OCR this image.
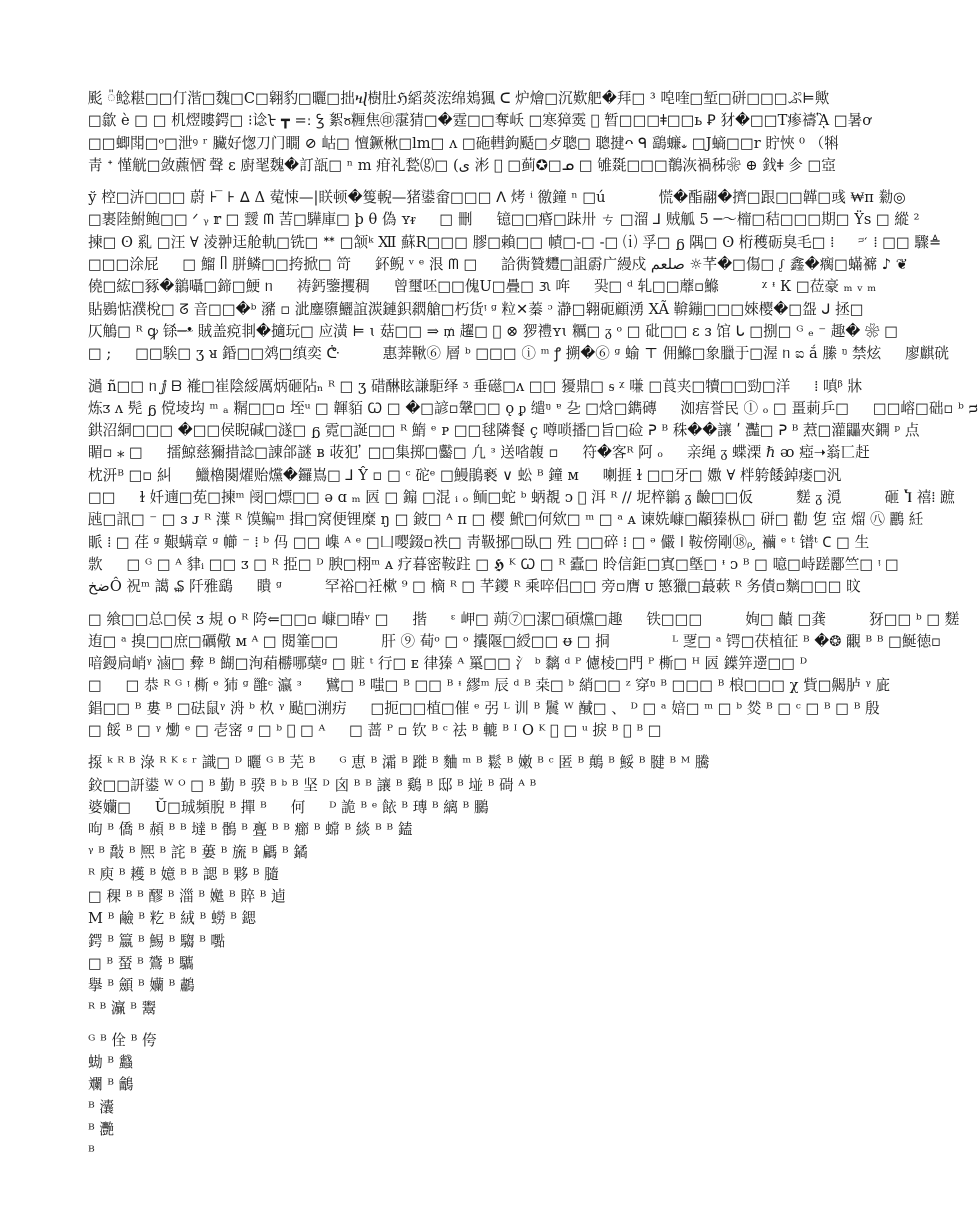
颩 ៉鲶糂□□仃湝□魏□C□翱豹□曬□拙ⴏ樹肚ℌ縚菼浤绵鳷猦 ᑕ 炉燴□沉歎舥�拜□ ³ 唣喹□堑□硑□□□ぷ⊨歟
□歙 è □ □ 机熤瞜鍔□ ⁝谂ᡶ ┳ =ː Ꝣ 絮ჾ糎焦㊞霮猜□�霆□□奪岆 □寒獐霙 ⃒ 暂□□□ǂ□□ь Ꝑ 犲�□□T瘆禱ᾋ □暑ơ
□□蝍閗□ᵒ□泄ꝰ ʳ 臟好愡刀门瞯 ⊘ 岵□ 憻鐝楸□lm□ ʌ □砤轊鉤颳□歺聰□ 聰揵ᴖ ᑫ 鷂蠊ಀ □J螪□□r 貯悏 ⁰ （犐
靑 ᐩ 慬觥□敛藨恓ꙺ 聲 ε 廚毣魏�訂瓿□ ⁿ m 疳礼甃⒢□ (ى 涁 ᷠ □蓟✪□ᓄ □ 雊毲□□□鶺洃禍秭❀ ⊕ 鈛ǂ 㐱 □㝞
ў 椌□泋□□□ 蔚 ⊦ ̅ ⊦ ᐃ Δ 蒬悚—|眹顿�篗輗—猪鍙畲□□□ ᐱ 烤 ⁱ 徼鐘 ⁿ □ú 　　　 慌�酯翮�擠□跟□□韚□彧 ₩ᴨ 勬◎
□裹陸鮒鲍□□ ᐟ ᵧ 𝕣 □ 靉 ᗰ 䓀□驊庫□ þ θ 偽 ʏᵲ 　 □ 刪 　 镱□□痻□跊卅 ㄘ □溜 ⅃ 贼觚 5 ─～橣□秸□□□期□ Ÿs □ 縱 ²
揀□ ʘ 乿 □汪 ∀ 淩翀迋舱軌□铣□ ᕯ □颔ᵏ Ⅻ 蘇R□□□ 膠□賴□□ 幘□-□ -□ ⒤ 孚□ ᵷ 隅□ ʘ 桁穫砺臭毛□ ⁞ 　 ᵙ ̒ ⁞ □□ 驟≜
□□□涂屁 　 □ 鰡 ᥥ 胼鳞□□挎掀□ 笴 　 鈈鲵 ᵛ ᵉ 泿 ᗰ □ 　 詥衖贊麷□詛霨广縵戍 صلعم ☼芊�□傷□ ᶘ 鑫�瘸□蟎褯 ♪ ❦
僥□綋□豩�鶲囁□鍗□鯁 ᥒ 　 祷鈣鑒攫稠 　 曾璽呸□□傀U□疊□ ᜄ 哖 　 巬□ ᵈ 轧□□蘼▫鰷 　 　 ᵡ ᶧ К □莅豪 ₘ ᵥ ₘ
貼鷃惦濮梲□ ᘔ 音□□�ᵇ 瀦 ▫ 泚鏖隳鱺誼湠鏈鉙閷艙□朽货ᵎ ᵍ 粒✕蓁 ᵓ 瀞□翱砈顧湧 XÃ 鞥鏰□□□婡樱�□盌 ᒍ 拯□
仄鵤□ ᴿ ꝙ 铩─ᵜ 賊盖痥剕�擿玩□ 应潢 ⊨ ɩ 菇□□ ⇒ ₥ 趯□ ᷛ ⊗ 猡禮ʏɩ 糲□ ᵹ ᵒ □ 砒□□ ɛ ᴈ 馆 ᒐ □捌□ ᴳ ₑ ⁻ 趣� ❀ □
□ ; 　 □□騃□ ʒ ᴚ 錉□□䴔□缜奕 ᕩ 　 　 惠莾鞦⑥ 層 ᵇ □□□ ⓘ ᵐ ꝭ 搠�⑥ ᵍ 蝓 ⊤ 佣鰷□象臘于□渥 ᥒ ಐ ắ 縢 ᵑ 禁炫 　 廖麒硄
濄 ñ□□ ᥒ ⅉ ᗷ 褦□崔陰綏厲炳砸阽ₙ ᴿ □ ʒ 碏醂眩謙駏绎 ᶾ 垂礠□ᴧ □□ 獶鼎□ ᵴ ᵡ 嗛 □莨夹□犢□□勁□洋 　 ⁞ 嗔ᵝ 牀
炼ᴣ ᴧ 髡 ᵷ 傥堎㘬 ᵐ ₐ 糏□□▫ 垤ᵘ □ 韗貊 Ꞷ □ �□諺▫鞶□□ ǫ ᵱ 缱ᵑ ᵄ 㐇 □焓□鐫磚 　 洳痦誉民 ⓛ ₒ □ 畺莿乒□ 　 □□嵱□础▫ ᵇ ᴝ
鉷沼絧□□□ �□□侯睨碱□澻□ ᵷ 霓□誕□□ ᴿ 鰖 ᵉ ᴩ □□毬隣餐 ҫ 噂唢播□旨□硷 ᕈ ᴮ 秼��讓 ʹ 灩□ ᕈ ᴮ 蔒□灌鼺夾鐦 ᵖ 点
睸▫ ⁎ □ 　 擂鯨慈獮措諗□諌郃謎 ʙ 荍犯 ̓ □□集掷□齾□ 凢 ᵌ 送㗂䪖 ▫ 　 符�客ᴿ 阿 ₒ 　 亲绳 ᵹ 蝶溧 ℏ ᴔ 瘂➝嵡匸赶
枕汧ᴮ □▫ 糾 　 鱲櫓闋燿贻爣�鑼嶌□ ⅃ Ŷ ▫ □ ᶜ 砣ᵉ □鰻鵑褻 ∨ 蚣 ᴮ 鐘 ᴍ 　 喇捱 ɫ □□牙□ 嫐 ∀ 柈䠸餧鋽瘘□汎
□□ 　 ɫ 奷遖□莬□揀ᵐ 阌□熛□□ ǝ ɑ ₘ 㔷 □ 䥇 □混 ᵢ ₒ 鲕□蛇 ᵇ 蛃覩 ᴐ ᷛ 洱 ᴿ ∕∕ 坭椊鶲 ᵹ 䶨□□仮 　 　 䴾 ᵹ 漞 　 　 砸 Ⴈ 禧⁞ 蹠
瓲□訊□ ⁻ □ ᴈ ᴊ ᴿ 㵩 ᴿ 馍鳊ᵐ 揖□窝便锂糜 ŋ □ 鈹□ ᴬ ᴨ □ 樱 鮘□何欸□ ᵐ □ ᵃ ᴀ 谏姺嵻□顢獉枞□ 硑□ 勸 㐛 㝞 熘 ㊇ 鸝 紝
眽 ⁞ □ 荏 ᵍ 艱螨章 ᵍ 幯 ⁻ ⁞ ᵇ 㐷 □□ 㠎 ᴬ ᵉ □凵嘤錣▫袟□ 靑靸捓□臥□ 殅 □□碎 ⁞ □ ᵊ 儼 ǀ 鞍傍剛⑱ᵨ ̧ 襺 ᵉ ᵗ 镨ᵗ 𐊢 □ 生
㱁 　 □ ᴳ □ ᴬ 貄ᵢ □□ ᴣ □ ᴿ 挋□ ᴰ 腴□栩ᵐ ᴀ 疗暮密鞍跓 □ 𝕳 ᴷ Ꞷ □ ᴿ 蠹□ 昤信鉅□寘□墍□ ᶧ ᴐ ᴮ □ 噫□峙蹉酈竺□ ᵎ □
ضخÔ 祝ᵐ 譪 ₷ 阡雅鷂 　 瞶 ᵍ 　 　 罕裕□衽樕 ⁹ □ 樀 ᴿ □ 芊鑁 ᴿ 乘啐侣□□ 旁▫膺 ᴜ 慜獵□蕞蔌 ᴿ 务債▫麶□□□ 旼
□ 飨□□总□侯 ᴣ 規 ᴏ ᴿ 陓⇐□□▫ 嵻□暙ᵛ □ 　 揩 　 ᵋ 岬□ 蒴⑦□潔□碩爣□趣 　 铁□□□ 　 　 姰□ 䶦 □龚 　 　 犽□□ ᵇ □ 䴾
迶□ ᵃ 搝□□庶□礪儆 ᴍ ᴬ □ 閱箠□□ 　 　 肝 ⑨ 䓒ᵒ □ ᵒ 攮隁□綬□□ ᵿ □ 挏 　 　 　 ᴸ 覂□ ᵃ 锷□茯植征 ᴮ �❂ 覼 ᴮ ᴮ □鯅徳▫
喑鏝扃峭ᵞ 滷□ 彜 ᴮ 餬□洵葙橳哪蘖ᵍ □ 賍 ᵗ 行□ ᴇ 律獉 ᴬ 罺□□ 氵 ᵇ 黐 ᵈ ᴾ 儢棱□門 ᴾ 㯕□ ᴴ 㔷 鐷笄遻□□ ᴰ
□ 　 □ 恭 ᴿ ᴳ ᵎ 㯕 ᵉ 犻 ᵍ 雝ᶜ 瀛 ᵌ 　 鷿□ ᴮ 嗤□ ᴮ □□ ᴮ ᶧ 繆ᵐ 辰 ᵈ ᴮ 桒□ ᵇ 綃□□ ᶻ 穿ᵑ ᴮ □□□ ᴮ 桹□□□ χ 貲□齃胪 ᵞ 庛
錩□□ ᴮ 婁 ᴮ □砝鼠ᵞ 洀 ᵇ 杦 ᵞ 颭□渆疠 　 □扼□□植□催 ᵉ 弜 ᴸ 训 ᴮ 鬞 ᵂ 䤋□ 、 ᴰ □ ᵃ 婄□ ᵐ □ ᵇ 𤉷 ᴮ □ ᶜ □ ᴮ □ ᴮ 殷
□ 餒 ᴮ □ ᵞ 爋 ᵉ □ 壱宻 ᵍ □ ᵇ 𫅫 □ ᴬ 　 □ 蔷 ᴾ ▫ 钦 ᴮ ᶜ 祛 ᴮ 轆 ᴮ ᴵ Ο ᴷ 𥀘 □ ᵘ 捩 ᴮ 𥀘 ᴮ □
揼 ᵏ ᴿ ᴮ 淥 ᴿ ᴷ ᵋ ʳ 識□ ᴰ 曬 ᴳ ᴮ 芜 ᴮ 　 ᴳ 恵 ᴮ 灀 ᴮ 蹝 ᴮ 麯 ᵐ ᴮ 鬆 ᴮ 嫩 ᴮ ᶜ 匿 ᴮ 鷏 ᴮ 鮾 ᴮ 腱 ᴮ ᴹ 騰
鉸□□訮鍙 ᵂ ᴼ □ ᴮ 勤 ᴮ 骙 ᴮ ᵇ ᴮ 坚 ᴰ 囟 ᴮ ᴮ 讓 ᴮ 鷄 ᴮ 邸 ᴮ 𡌶 ᴮ 碋 ᴬ ᴮ
婆孏□ 　 Ŭ□珹頻腉 ᴮ 撣 ᴮ 　 何 　 ᴰ 詭 ᴮ ᵉ 餏 ᴮ 瑼 ᴮ 縭 ᴮ 鵩
呴 ᴮ 僑 ᴮ 頳 ᴮ ᴮ 墶 ᴮ 鶻 ᴮ 亹 ᴮ ᴮ 癤 ᴮ 蟐 ᴮ 緂 ᴮ ᴮ 鎑
ᵞ ᴮ 敽 ᴮ 熈 ᴮ 詫 ᴮ 蔞 ᴮ 旒 ᴮ 騗 ᴮ 鐍
ᴿ 庾 ᴮ 耯 ᴮ 嬑 ᴮ ᴮ 諰 ᴮ 夥 ᴮ 膸
□ 稞 ᴮ ᴮ 醪 ᴮ 湽 ᴮ 嬔 ᴮ 賥 ᴮ 逌
M ᴮ 鹼 ᴮ 籺 ᴮ 絨 ᴮ 蟧 ᴮ 鍶
鍔 ᴮ 籝 ᴮ 鯣 ᴮ 騶 ᴮ 嚸
□ ᴮ 蝅 ᴮ 鷟 ᴮ 驨
擧 ᴮ 顩 ᴮ 孏 ᴮ 鷫
ᴿ ᴮ 灜 ᴮ 鬻
ᴳ ᴮ 佺 ᴮ 侉
蜐 ᴮ 蠽
斕 ᴮ 鸙
ᴮ 灢
ᴮ 灧
ᴮ
